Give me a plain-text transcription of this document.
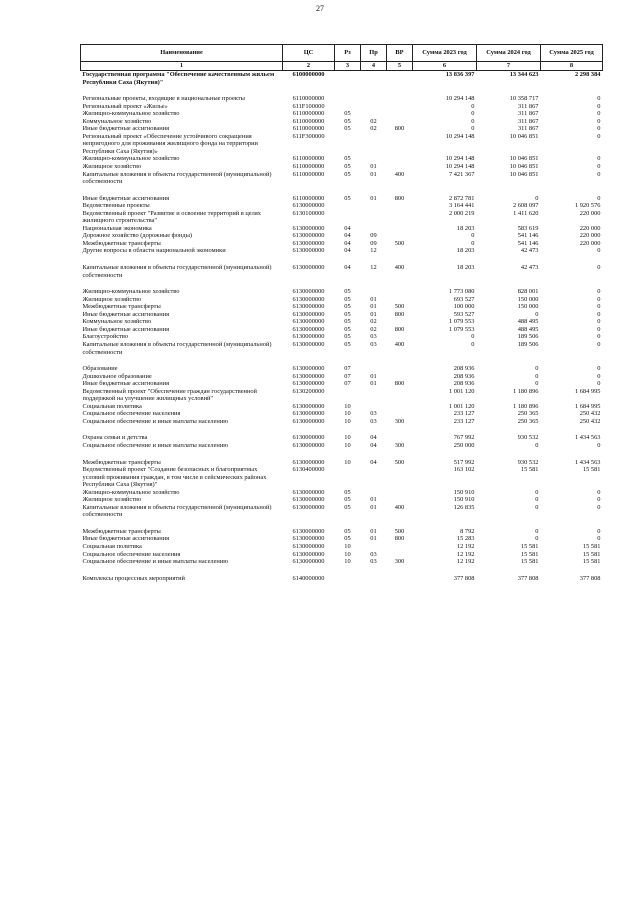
27
Наименование	ЦС	Рз	Пр	ВР	Сумма 2023 год	Сумма 2024 год	Сумма 2025 год
1	2	3	4	5	6	7	8
Государственная программа "Обеспечение качественным жильем Республики Саха (Якутия)"	6100000000				13 836 397	13 344 623	2 298 384

Региональные проекты, входящие в национальные проекты	6110000000				10 294 148	10 358 717	0
Региональный проект «Жилье»	611F100000				0	311 867	0
Жилищно-коммунальное хозяйство	6110000000	05			0	311 867	0
Коммунальное хозяйство	6110000000	05	02		0	311 867	0
Иные бюджетные ассигнования	6110000000	05	02	800	0	311 867	0
Региональный проект «Обеспечение устойчивого сокращения непригодного для проживания жилищного фонда на территории Республики Саха (Якутия)»	611F300000				10 294 148	10 046 851	0
Жилищно-коммунальное хозяйство	6110000000	05			10 294 148	10 046 851	0
Жилищное хозяйство	6110000000	05	01		10 294 148	10 046 851	0
Капитальные вложения в объекты государственной (муниципальной) собственности	6110000000	05	01	400	7 421 367	10 046 851	0

Иные бюджетные ассигнования	6110000000	05	01	800	2 872 781	0	0
Ведомственные проекты	6130000000				3 164 441	2 608 097	1 920 576
Ведомственный проект "Развитие и освоение территорий в целях жилищного строительства"	6130100000				2 000 219	1 411 620	220 000
Национальная экономика	6130000000	04			18 203	583 619	220 000
Дорожное хозяйство (дорожные фонды)	6130000000	04	09		0	541 146	220 000
Межбюджетные трансферты	6130000000	04	09	500	0	541 146	220 000
Другие вопросы в области национальной экономики	6130000000	04	12		18 203	42 473	0

Капитальные вложения в объекты государственной (муниципальной) собственности	6130000000	04	12	400	18 203	42 473	0

Жилищно-коммунальное хозяйство	6130000000	05			1 773 080	828 001	0
Жилищное хозяйство	6130000000	05	01		693 527	150 000	0
Межбюджетные трансферты	6130000000	05	01	500	100 000	150 000	0
Иные бюджетные ассигнования	6130000000	05	01	800	593 527	0	0
Коммунальное хозяйство	6130000000	05	02		1 079 553	488 495	0
Иные бюджетные ассигнования	6130000000	05	02	800	1 079 553	488 495	0
Благоустройство	6130000000	05	03		0	189 506	0
Капитальные вложения в объекты государственной (муниципальной) собственности	6130000000	05	03	400	0	189 506	0

Образование	6130000000	07			208 936	0	0
Дошкольное образование	6130000000	07	01		208 936	0	0
Иные бюджетные ассигнования	6130000000	07	01	800	208 936	0	0
Ведомственный проект "Обеспечение граждан государственной поддержкой на улучшение жилищных условий"	6130200000				1 001 120	1 180 896	1 684 995
Социальная политика	6130000000	10			1 001 120	1 180 896	1 684 995
Социальное обеспечение населения	6130000000	10	03		233 127	250 365	250 432
Социальное обеспечение и иные выплаты населению	6130000000	10	03	300	233 127	250 365	250 432

Охрана семьи и детства	6130000000	10	04		767 992	930 532	1 434 563
Социальное обеспечение и иные выплаты населению	6130000000	10	04	300	250 000	0	0

Межбюджетные трансферты	6130000000	10	04	500	517 992	930 532	1 434 563
Ведомственный проект "Создание безопасных и благоприятных условий проживания граждан, в том числе в сейсмических районах Республики Саха (Якутия)"	6130400000				163 102	15 581	15 581
Жилищно-коммунальное хозяйство	6130000000	05			150 910	0	0
Жилищное хозяйство	6130000000	05	01		150 910	0	0
Капитальные вложения в объекты государственной (муниципальной) собственности	6130000000	05	01	400	126 835	0	0

Межбюджетные трансферты	6130000000	05	01	500	8 792	0	0
Иные бюджетные ассигнования	6130000000	05	01	800	15 283	0	0
Социальная политика	6130000000	10			12 192	15 581	15 581
Социальное обеспечение населения	6130000000	10	03		12 192	15 581	15 581
Социальное обеспечение и иные выплаты населению	6130000000	10	03	300	12 192	15 581	15 581

Комплексы процессных мероприятий	6140000000				377 808	377 808	377 808
